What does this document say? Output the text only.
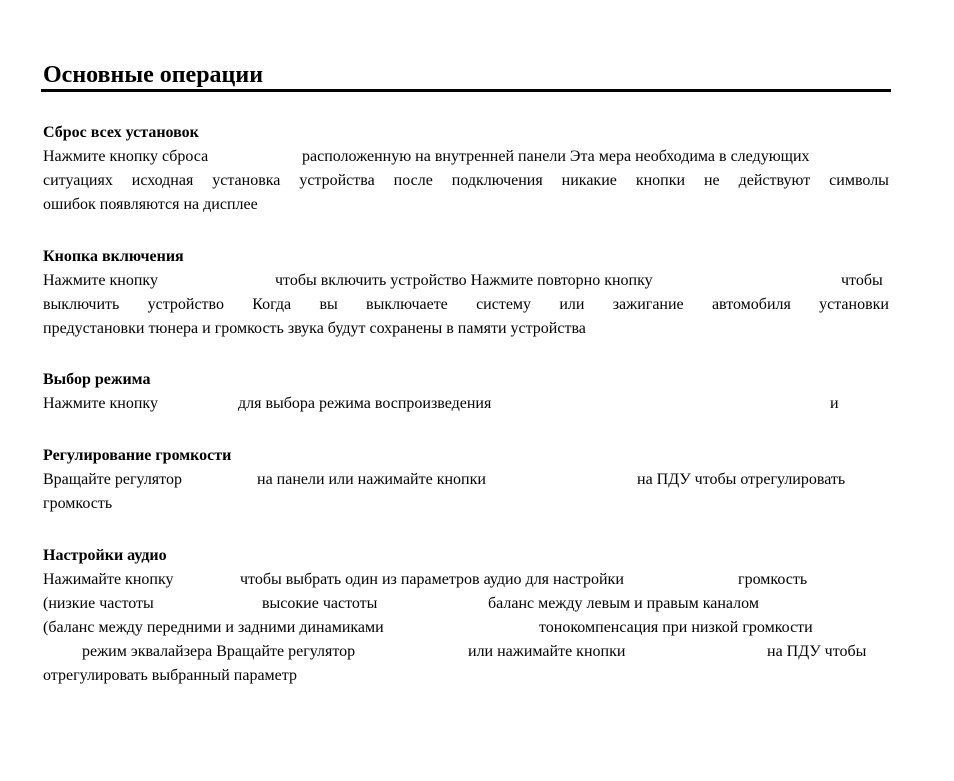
Основные операции
Сброс всех установок
Нажмите кнопку сброса	расположенную на внутренней панели Эта мера необходима в следующих
ситуациях исходная установка устройства после подключения никакие кнопки не действуют символы
ошибок появляются на дисплее
Кнопка включения
Нажмите кнопку	чтобы включить устройство Нажмите повторно кнопку	чтобы
выключить устройство Когда вы выключаете систему или зажигание автомобиля установки
предустановки тюнера и громкость звука будут сохранены в памяти устройства
Выбор режима
Нажмите кнопку	для выбора режима воспроизведения	и
Регулирование громкости
Вращайте регулятор	на панели или нажимайте кнопки	на ПДУ чтобы отрегулировать
громкость
Настройки аудио
Нажимайте кнопку	чтобы выбрать один из параметров аудио для настройки	громкость
(низкие частоты	высокие частоты	баланс между левым и правым каналом
(баланс между передними и задними динамиками	тонокомпенсация при низкой громкости
режим эквалайзера Вращайте регулятор	или нажимайте кнопки	на ПДУ чтобы
отрегулировать выбранный параметр
